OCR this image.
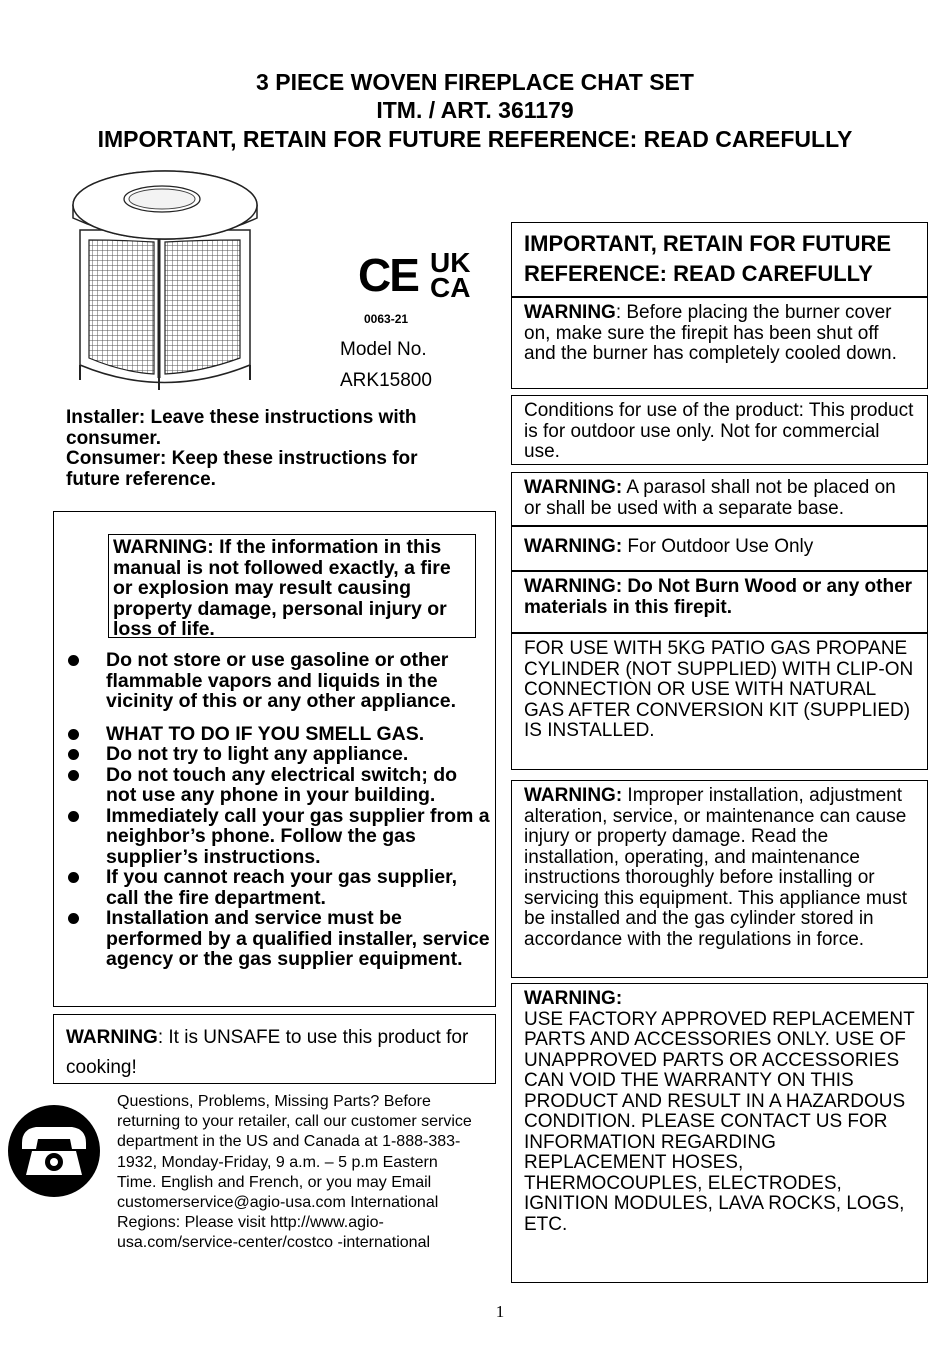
3 PIECE WOVEN FIREPLACE CHAT SET
ITM. / ART. 361179
IMPORTANT, RETAIN FOR FUTURE REFERENCE: READ CAREFULLY
CE UK
CA
0063-21
Model No.
ARK15800
Installer: Leave these instructions with consumer.
Consumer: Keep these instructions for future reference.
WARNING: If the information in this manual is not followed exactly, a fire or explosion may result causing property damage, personal injury or loss of life.
Do not store or use gasoline or other flammable vapors and liquids in the vicinity of this or any other appliance.
WHAT TO DO IF YOU SMELL GAS.
Do not try to light any appliance.
Do not touch any electrical switch; do not use any phone in your building.
Immediately call your gas supplier from a neighbor’s phone. Follow the gas supplier’s instructions.
If you cannot reach your gas supplier, call the fire department.
Installation and service must be performed by a qualified installer, service agency or the gas supplier equipment.
WARNING: It is UNSAFE to use this product for cooking!
Questions, Problems, Missing Parts? Before returning to your retailer, call our customer service department in the US and Canada at 1-888-383-1932, Monday-Friday, 9 a.m. – 5 p.m Eastern Time. English and French, or you may Email customerservice@agio-usa.com International Regions: Please visit http://www.agio-usa.com/service-center/costco -international
IMPORTANT, RETAIN FOR FUTURE REFERENCE: READ CAREFULLY
WARNING: Before placing the burner cover on, make sure the firepit has been shut off and the burner has completely cooled down.
Conditions for use of the product: This product is for outdoor use only. Not for commercial use.
WARNING: A parasol shall not be placed on or shall be used with a separate base.
WARNING: For Outdoor Use Only
WARNING: Do Not Burn Wood or any other materials in this firepit.
FOR USE WITH 5KG PATIO GAS PROPANE CYLINDER (NOT SUPPLIED) WITH CLIP-ON CONNECTION OR USE WITH NATURAL GAS AFTER CONVERSION KIT (SUPPLIED) IS INSTALLED.
WARNING: Improper installation, adjustment alteration, service, or maintenance can cause injury or property damage. Read the installation, operating, and maintenance instructions thoroughly before installing or servicing this equipment. This appliance must be installed and the gas cylinder stored in accordance with the regulations in force.
WARNING:
USE FACTORY APPROVED REPLACEMENT PARTS AND ACCESSORIES ONLY. USE OF UNAPPROVED PARTS OR ACCESSORIES CAN VOID THE WARRANTY ON THIS PRODUCT AND RESULT IN A HAZARDOUS CONDITION. PLEASE CONTACT US FOR INFORMATION REGARDING REPLACEMENT HOSES, THERMOCOUPLES, ELECTRODES, IGNITION MODULES, LAVA ROCKS, LOGS, ETC.
1
